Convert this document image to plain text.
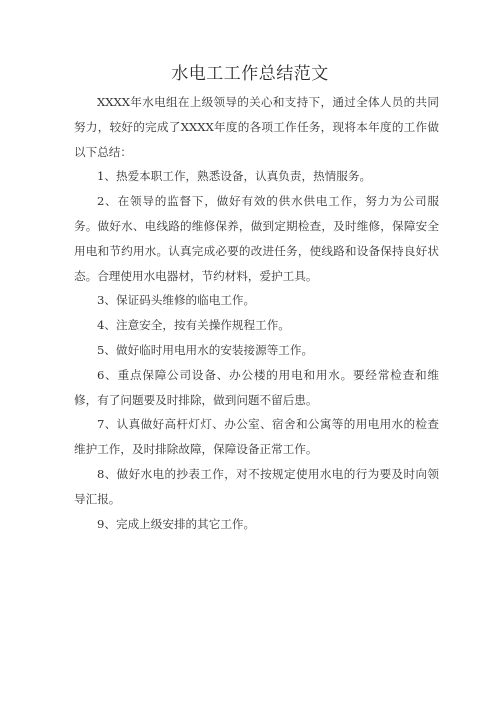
水电工工作总结范文

XXXX年水电组在上级领导的关心和支持下，通过全体人员的共同努力，较好的完成了XXXX年度的各项工作任务，现将本年度的工作做以下总结：

1、热爱本职工作，熟悉设备，认真负责，热情服务。

2、在领导的监督下，做好有效的供水供电工作，努力为公司服务。做好水、电线路的维修保养，做到定期检查，及时维修，保障安全用电和节约用水。认真完成必要的改进任务，使线路和设备保持良好状态。合理使用水电器材，节约材料，爱护工具。

3、保证码头维修的临电工作。

4、注意安全，按有关操作规程工作。

5、做好临时用电用水的安装接源等工作。

6、重点保障公司设备、办公楼的用电和用水。要经常检查和维修，有了问题要及时排除，做到问题不留后患。

7、认真做好高杆灯灯、办公室、宿舍和公寓等的用电用水的检查维护工作，及时排除故障，保障设备正常工作。

8、做好水电的抄表工作，对不按规定使用水电的行为要及时向领导汇报。

9、完成上级安排的其它工作。
